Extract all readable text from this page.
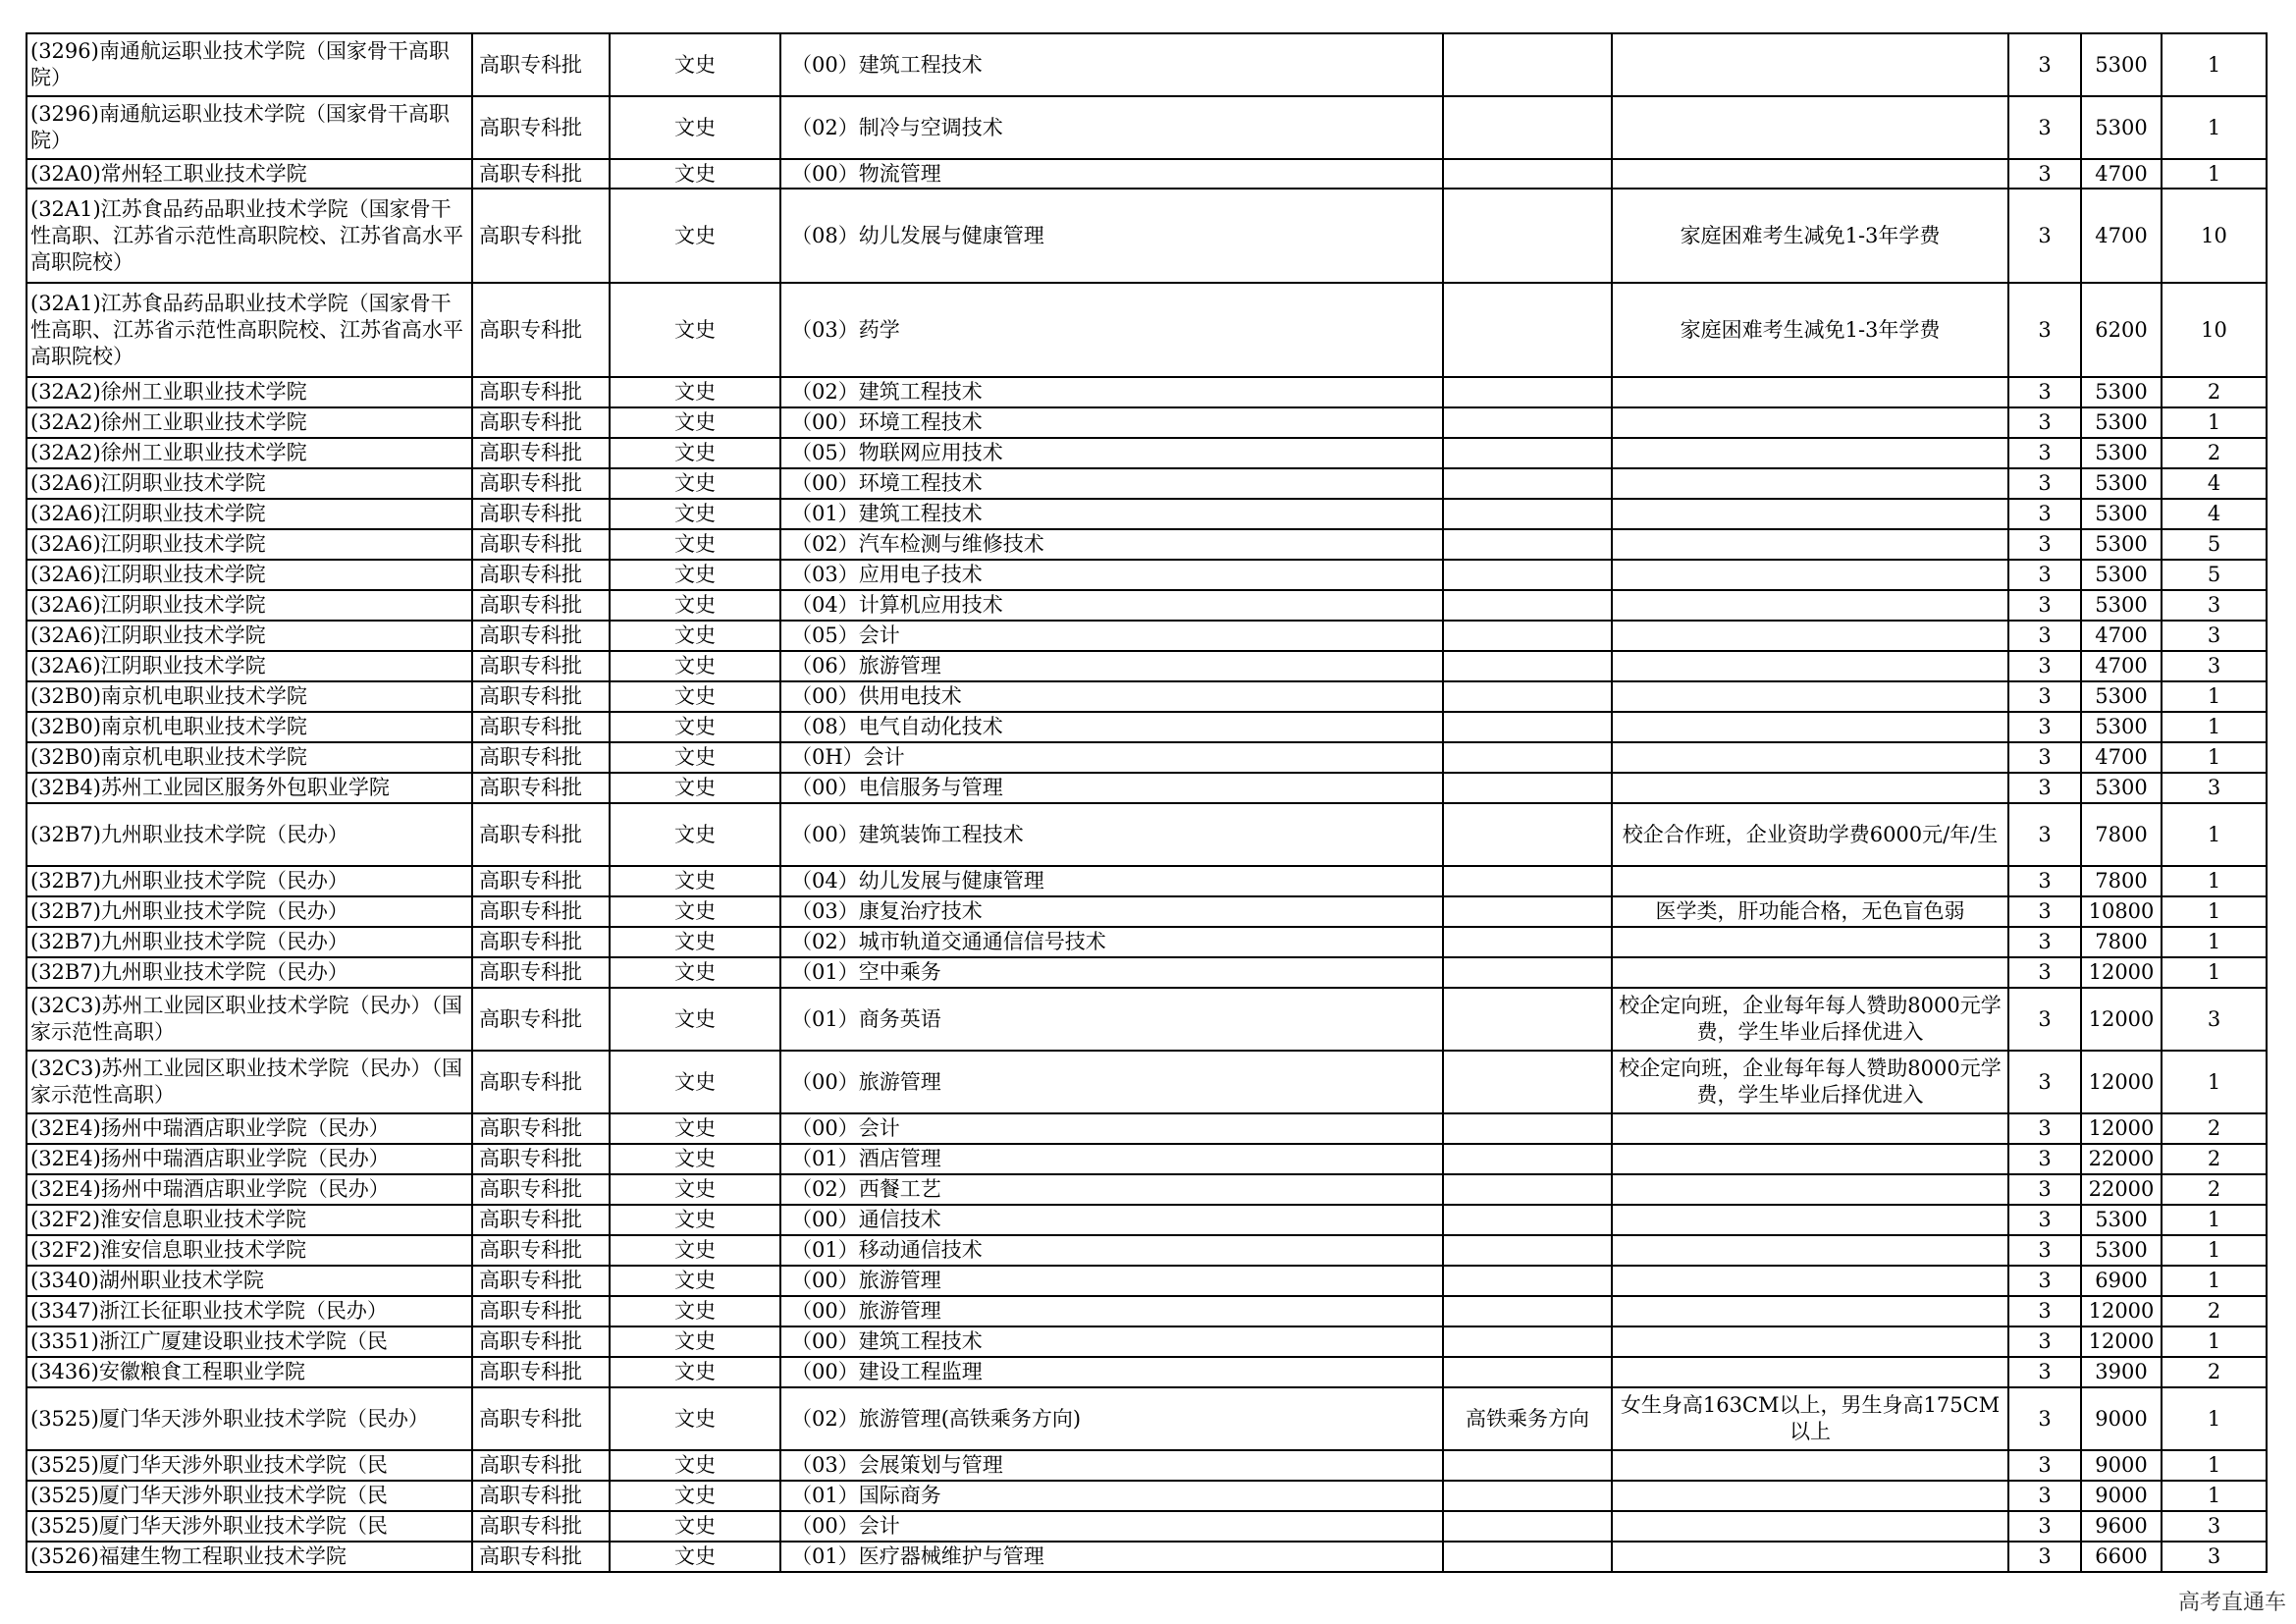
(3296)南通航运职业技术学院（国家骨干高职院）	高职专科批	文史	（00）建筑工程技术			3	5300	1
(3296)南通航运职业技术学院（国家骨干高职院）	高职专科批	文史	（02）制冷与空调技术			3	5300	1
(32A0)常州轻工职业技术学院	高职专科批	文史	（00）物流管理			3	4700	1
(32A1)江苏食品药品职业技术学院（国家骨干性高职、江苏省示范性高职院校、江苏省高水平高职院校）	高职专科批	文史	（08）幼儿发展与健康管理		家庭困难考生减免1-3年学费	3	4700	10
(32A1)江苏食品药品职业技术学院（国家骨干性高职、江苏省示范性高职院校、江苏省高水平高职院校）	高职专科批	文史	（03）药学		家庭困难考生减免1-3年学费	3	6200	10
(32A2)徐州工业职业技术学院	高职专科批	文史	（02）建筑工程技术			3	5300	2
(32A2)徐州工业职业技术学院	高职专科批	文史	（00）环境工程技术			3	5300	1
(32A2)徐州工业职业技术学院	高职专科批	文史	（05）物联网应用技术			3	5300	2
(32A6)江阴职业技术学院	高职专科批	文史	（00）环境工程技术			3	5300	4
(32A6)江阴职业技术学院	高职专科批	文史	（01）建筑工程技术			3	5300	4
(32A6)江阴职业技术学院	高职专科批	文史	（02）汽车检测与维修技术			3	5300	5
(32A6)江阴职业技术学院	高职专科批	文史	（03）应用电子技术			3	5300	5
(32A6)江阴职业技术学院	高职专科批	文史	（04）计算机应用技术			3	5300	3
(32A6)江阴职业技术学院	高职专科批	文史	（05）会计			3	4700	3
(32A6)江阴职业技术学院	高职专科批	文史	（06）旅游管理			3	4700	3
(32B0)南京机电职业技术学院	高职专科批	文史	（00）供用电技术			3	5300	1
(32B0)南京机电职业技术学院	高职专科批	文史	（08）电气自动化技术			3	5300	1
(32B0)南京机电职业技术学院	高职专科批	文史	（0H）会计			3	4700	1
(32B4)苏州工业园区服务外包职业学院	高职专科批	文史	（00）电信服务与管理			3	5300	3
(32B7)九州职业技术学院（民办）	高职专科批	文史	（00）建筑装饰工程技术		校企合作班，企业资助学费6000元/年/生	3	7800	1
(32B7)九州职业技术学院（民办）	高职专科批	文史	（04）幼儿发展与健康管理			3	7800	1
(32B7)九州职业技术学院（民办）	高职专科批	文史	（03）康复治疗技术		医学类，肝功能合格，无色盲色弱	3	10800	1
(32B7)九州职业技术学院（民办）	高职专科批	文史	（02）城市轨道交通通信信号技术			3	7800	1
(32B7)九州职业技术学院（民办）	高职专科批	文史	（01）空中乘务			3	12000	1
(32C3)苏州工业园区职业技术学院（民办）（国家示范性高职）	高职专科批	文史	（01）商务英语		校企定向班，企业每年每人赞助8000元学费，学生毕业后择优进入	3	12000	3
(32C3)苏州工业园区职业技术学院（民办）（国家示范性高职）	高职专科批	文史	（00）旅游管理		校企定向班，企业每年每人赞助8000元学费，学生毕业后择优进入	3	12000	1
(32E4)扬州中瑞酒店职业学院（民办）	高职专科批	文史	（00）会计			3	12000	2
(32E4)扬州中瑞酒店职业学院（民办）	高职专科批	文史	（01）酒店管理			3	22000	2
(32E4)扬州中瑞酒店职业学院（民办）	高职专科批	文史	（02）西餐工艺			3	22000	2
(32F2)淮安信息职业技术学院	高职专科批	文史	（00）通信技术			3	5300	1
(32F2)淮安信息职业技术学院	高职专科批	文史	（01）移动通信技术			3	5300	1
(3340)湖州职业技术学院	高职专科批	文史	（00）旅游管理			3	6900	1
(3347)浙江长征职业技术学院（民办）	高职专科批	文史	（00）旅游管理			3	12000	2
(3351)浙江广厦建设职业技术学院（民	高职专科批	文史	（00）建筑工程技术			3	12000	1
(3436)安徽粮食工程职业学院	高职专科批	文史	（00）建设工程监理			3	3900	2
(3525)厦门华天涉外职业技术学院（民办）	高职专科批	文史	（02）旅游管理(高铁乘务方向)	高铁乘务方向	女生身高163CM以上，男生身高175CM以上	3	9000	1
(3525)厦门华天涉外职业技术学院（民	高职专科批	文史	（03）会展策划与管理			3	9000	1
(3525)厦门华天涉外职业技术学院（民	高职专科批	文史	（01）国际商务			3	9000	1
(3525)厦门华天涉外职业技术学院（民	高职专科批	文史	（00）会计			3	9600	3
(3526)福建生物工程职业技术学院	高职专科批	文史	（01）医疗器械维护与管理			3	6600	3
高考直通车
